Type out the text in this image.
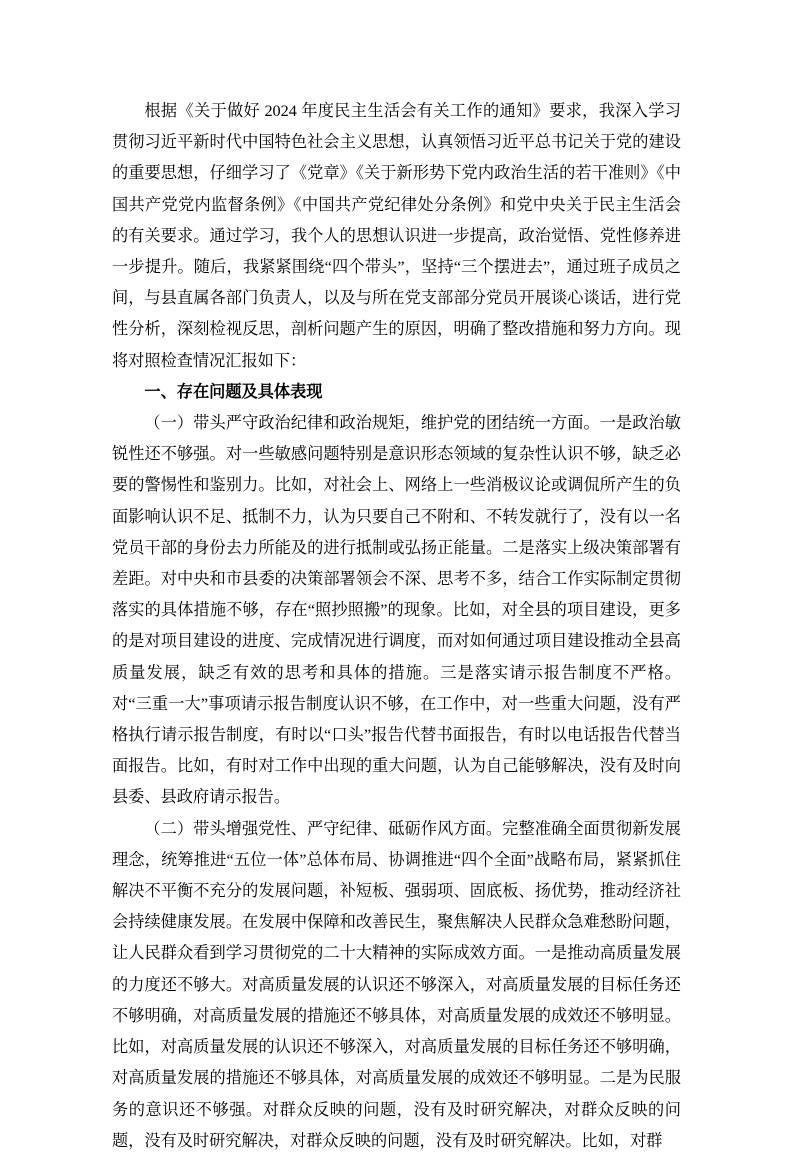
根据《关于做好 2024 年度民主生活会有关工作的通知》要求，我深入学习贯彻习近平新时代中国特色社会主义思想，认真领悟习近平总书记关于党的建设的重要思想，仔细学习了《党章》《关于新形势下党内政治生活的若干准则》《中国共产党党内监督条例》《中国共产党纪律处分条例》和党中央关于民主生活会的有关要求。通过学习，我个人的思想认识进一步提高，政治觉悟、党性修养进一步提升。随后，我紧紧围绕“四个带头”，坚持“三个摆进去”，通过班子成员之间，与县直属各部门负责人，以及与所在党支部部分党员开展谈心谈话，进行党性分析，深刻检视反思，剖析问题产生的原因，明确了整改措施和努力方向。现将对照检查情况汇报如下：

一、存在问题及具体表现

（一）带头严守政治纪律和政治规矩，维护党的团结统一方面。一是政治敏锐性还不够强。对一些敏感问题特别是意识形态领域的复杂性认识不够，缺乏必要的警惕性和鉴别力。比如，对社会上、网络上一些消极议论或调侃所产生的负面影响认识不足、抵制不力，认为只要自己不附和、不转发就行了，没有以一名党员干部的身份去力所能及的进行抵制或弘扬正能量。二是落实上级决策部署有差距。对中央和市县委的决策部署领会不深、思考不多，结合工作实际制定贯彻落实的具体措施不够，存在“照抄照搬”的现象。比如，对全县的项目建设，更多的是对项目建设的进度、完成情况进行调度，而对如何通过项目建设推动全县高质量发展，缺乏有效的思考和具体的措施。三是落实请示报告制度不严格。对“三重一大”事项请示报告制度认识不够，在工作中，对一些重大问题，没有严格执行请示报告制度，有时以“口头”报告代替书面报告，有时以电话报告代替当面报告。比如，有时对工作中出现的重大问题，认为自己能够解决，没有及时向县委、县政府请示报告。

（二）带头增强党性、严守纪律、砥砺作风方面。完整准确全面贯彻新发展理念，统筹推进“五位一体”总体布局、协调推进“四个全面”战略布局，紧紧抓住解决不平衡不充分的发展问题，补短板、强弱项、固底板、扬优势，推动经济社会持续健康发展。在发展中保障和改善民生，聚焦解决人民群众急难愁盼问题，让人民群众看到学习贯彻党的二十大精神的实际成效方面。一是推动高质量发展的力度还不够大。对高质量发展的认识还不够深入，对高质量发展的目标任务还不够明确，对高质量发展的措施还不够具体，对高质量发展的成效还不够明显。比如，对高质量发展的认识还不够深入，对高质量发展的目标任务还不够明确，对高质量发展的措施还不够具体，对高质量发展的成效还不够明显。二是为民服务的意识还不够强。对群众反映的问题，没有及时研究解决，对群众反映的问题，没有及时研究解决，对群众反映的问题，没有及时研究解决。比如，对群
